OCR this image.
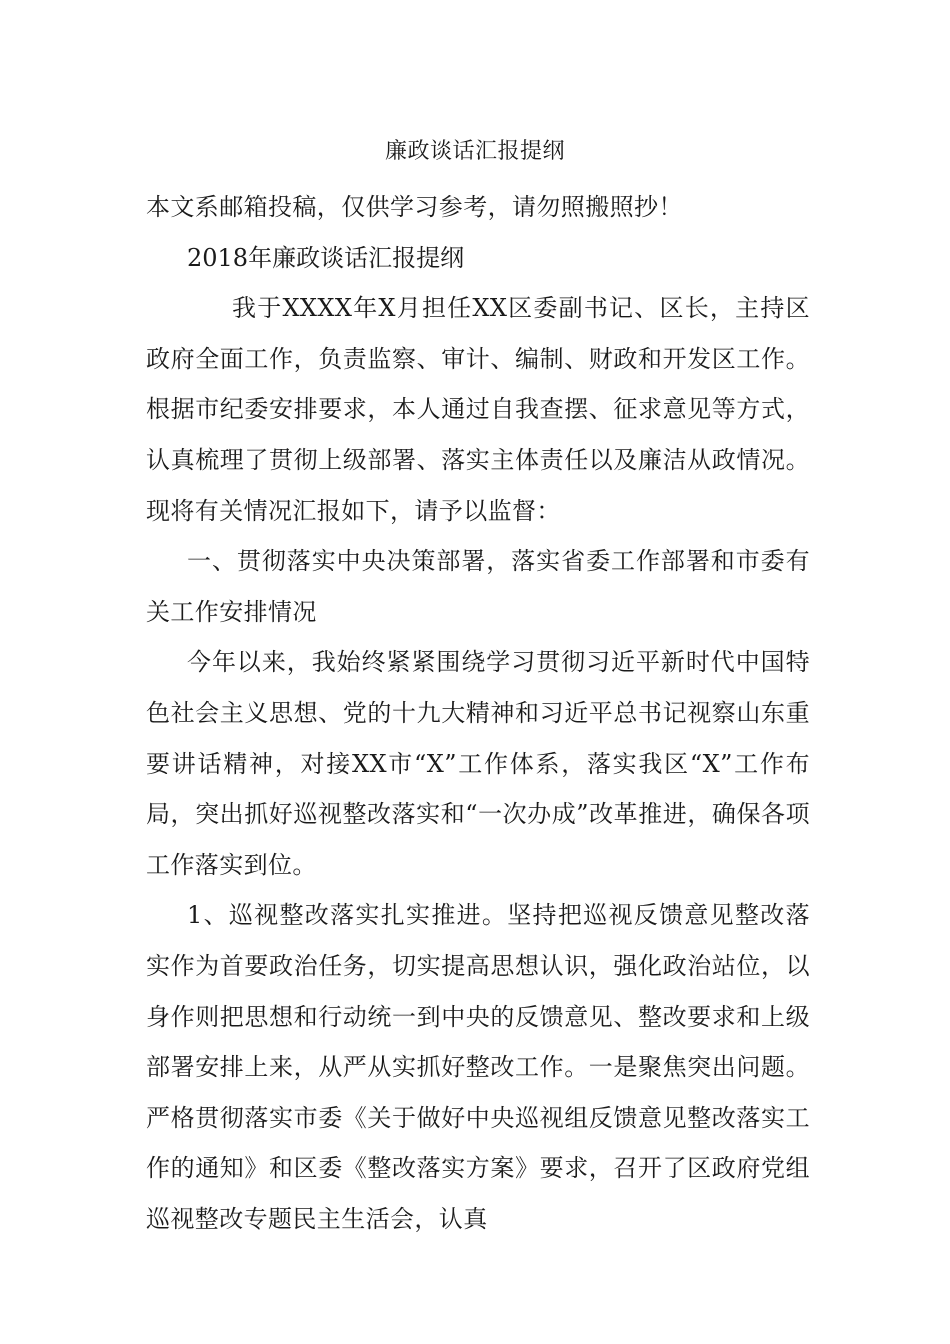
廉政谈话汇报提纲

本文系邮箱投稿，仅供学习参考，请勿照搬照抄！

2018年廉政谈话汇报提纲

我于XXXX年X月担任XX区委副书记、区长，主持区政府全面工作，负责监察、审计、编制、财政和开发区工作。根据市纪委安排要求，本人通过自我查摆、征求意见等方式，认真梳理了贯彻上级部署、落实主体责任以及廉洁从政情况。现将有关情况汇报如下，请予以监督：

一、贯彻落实中央决策部署，落实省委工作部署和市委有关工作安排情况

今年以来，我始终紧紧围绕学习贯彻习近平新时代中国特色社会主义思想、党的十九大精神和习近平总书记视察山东重要讲话精神，对接XX市“X”工作体系，落实我区“X”工作布局，突出抓好巡视整改落实和“一次办成”改革推进，确保各项工作落实到位。

1、巡视整改落实扎实推进。坚持把巡视反馈意见整改落实作为首要政治任务，切实提高思想认识，强化政治站位，以身作则把思想和行动统一到中央的反馈意见、整改要求和上级部署安排上来，从严从实抓好整改工作。一是聚焦突出问题。严格贯彻落实市委《关于做好中央巡视组反馈意见整改落实工作的通知》和区委《整改落实方案》要求，召开了区政府党组巡视整改专题民主生活会，认真
